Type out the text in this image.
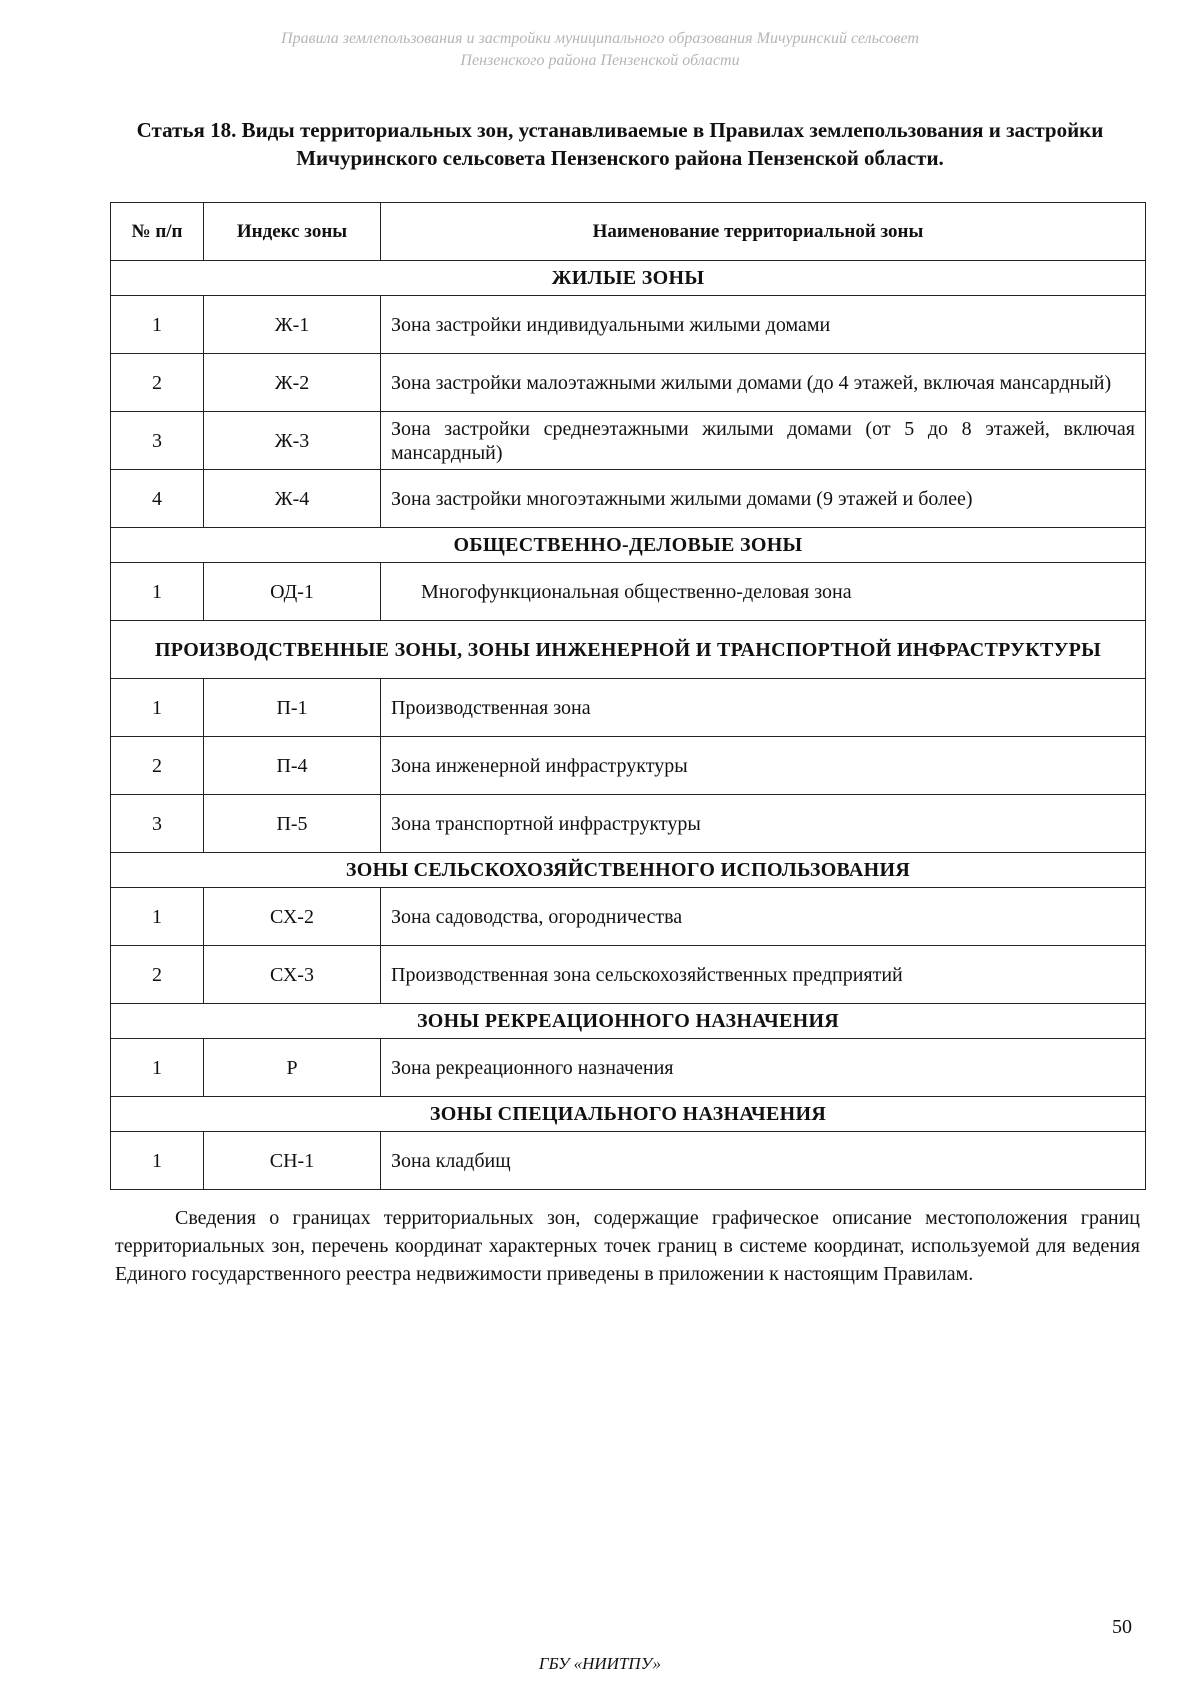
Правила землепользования и застройки муниципального образования Мичуринский сельсовет
Пензенского района Пензенской области
Статья 18. Виды территориальных зон, устанавливаемые в Правилах землепользования и застройки Мичуринского сельсовета Пензенского района Пензенской области.
№ п/п	Индекс зоны	Наименование территориальной зоны
ЖИЛЫЕ ЗОНЫ		
1	Ж-1	Зона застройки индивидуальными жилыми домами
2	Ж-2	Зона застройки малоэтажными жилыми домами (до 4 этажей, включая мансардный)
3	Ж-3	Зона застройки среднеэтажными жилыми домами (от 5 до 8 этажей, включая мансардный)
4	Ж-4	Зона застройки многоэтажными жилыми домами (9 этажей и более)
ОБЩЕСТВЕННО-ДЕЛОВЫЕ ЗОНЫ		
1	ОД-1	Многофункциональная общественно-деловая зона
ПРОИЗВОДСТВЕННЫЕ ЗОНЫ, ЗОНЫ ИНЖЕНЕРНОЙ И ТРАНСПОРТНОЙ ИНФРАСТРУКТУРЫ		
1	П-1	Производственная зона
2	П-4	Зона инженерной инфраструктуры
3	П-5	Зона транспортной инфраструктуры
ЗОНЫ СЕЛЬСКОХОЗЯЙСТВЕННОГО ИСПОЛЬЗОВАНИЯ		
1	СХ-2	Зона садоводства, огородничества
2	СХ-3	Производственная зона сельскохозяйственных предприятий
ЗОНЫ РЕКРЕАЦИОННОГО НАЗНАЧЕНИЯ		
1	Р	Зона рекреационного назначения
ЗОНЫ СПЕЦИАЛЬНОГО НАЗНАЧЕНИЯ		
1	СН-1	Зона кладбищ
Сведения о границах территориальных зон, содержащие графическое описание местоположения границ территориальных зон, перечень координат характерных точек границ в системе координат, используемой для ведения Единого государственного реестра недвижимости приведены в приложении к настоящим Правилам.
50
ГБУ «НИИТПУ»
